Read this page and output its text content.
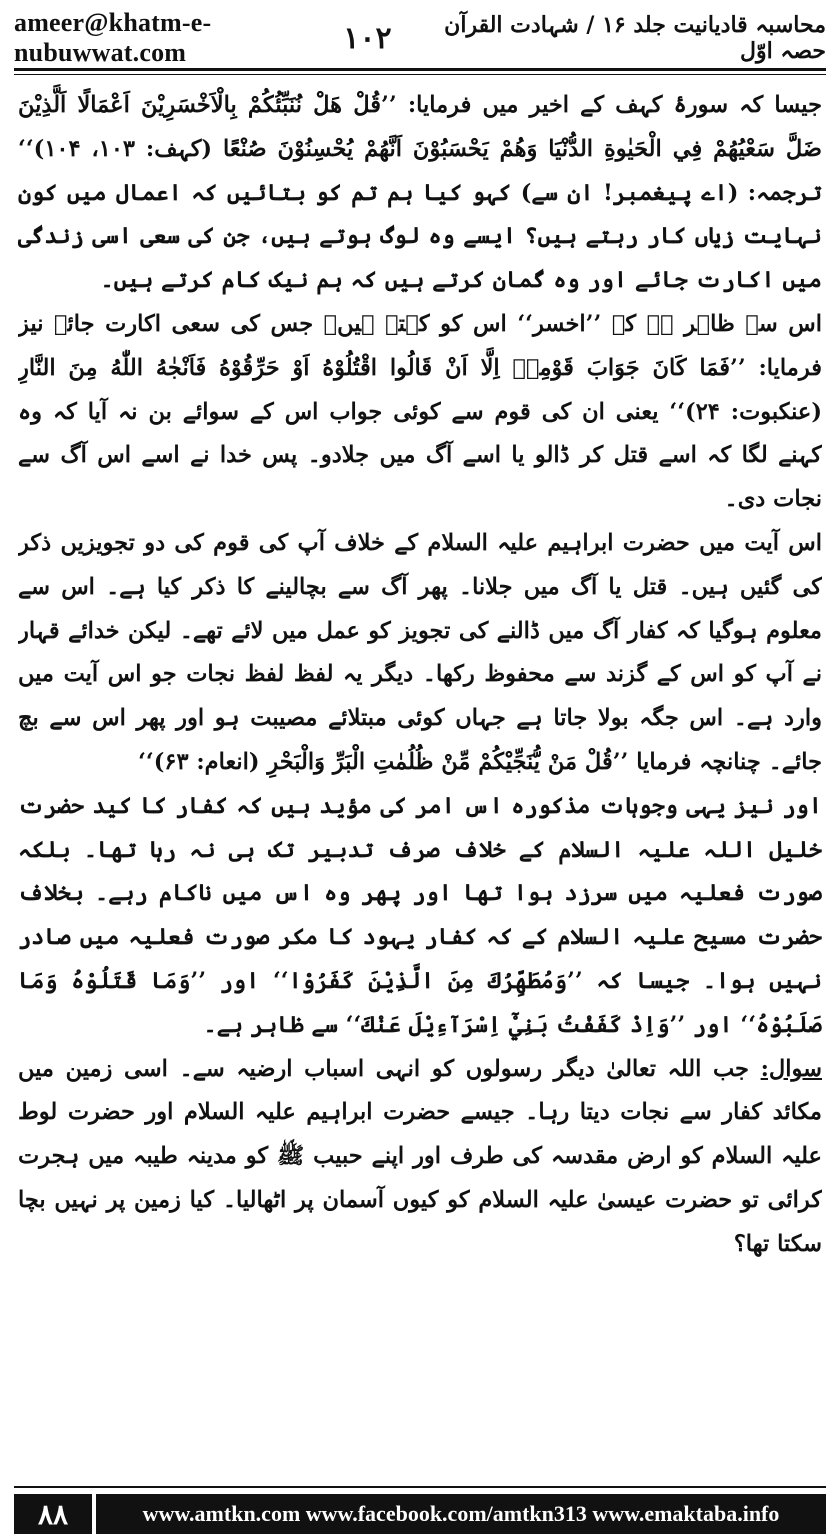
ameer@khatm-e-nubuwwat.com
محاسبہ قادیانیت جلد ۱۶ / شہادت القرآن حصہ اوّل
۱۰۲

جیسا کہ سورۂ کہف کے اخیر میں فرمایا: ’’قُلْ هَلْ نُنَبِّئُكُمْ بِالْاَخْسَرِيْنَ اَعْمَالًا اَلَّذِيْنَ ضَلَّ سَعْيُهُمْ فِي الْحَيٰوةِ الدُّنْيَا وَهُمْ يَحْسَبُوْنَ اَنَّهُمْ يُحْسِنُوْنَ صُنْعًا (کہف: ۱۰۳، ۱۰۴)‘‘ ترجمہ: (اے پیغمبر! ان سے) کہو کیا ہم تم کو بتائیں کہ اعمال میں کون نہایت زیاں کار رہتے ہیں؟ ایسے وہ لوگ ہوتے ہیں، جن کی سعی اسی زندگی میں اکارت جائے اور وہ گمان کرتے ہیں کہ ہم نیک کام کرتے ہیں۔

اس سے ظاہر ہے کہ ’’اخسر‘‘ اس کو کہتے ہیں۔ جس کی سعی اکارت جائے نیز فرمایا: ’’فَمَا كَانَ جَوَابَ قَوْمِهٖ اِلَّا اَنْ قَالُوا اقْتُلُوْهُ اَوْ حَرِّقُوْهُ فَاَنْجٰهُ اللّٰهُ مِنَ النَّارِ (عنکبوت: ۲۴)‘‘ یعنی ان کی قوم سے کوئی جواب اس کے سوائے بن نہ آیا کہ وہ کہنے لگا کہ اسے قتل کر ڈالو یا اسے آگ میں جلادو۔ پس خدا نے اسے اس آگ سے نجات دی۔

اس آیت میں حضرت ابراہیم علیہ السلام کے خلاف آپ کی قوم کی دو تجویزیں ذکر کی گئیں ہیں۔ قتل یا آگ میں جلانا۔ پھر آگ سے بچالینے کا ذکر کیا ہے۔ اس سے معلوم ہوگیا کہ کفار آگ میں ڈالنے کی تجویز کو عمل میں لائے تھے۔ لیکن خدائے قہار نے آپ کو اس کے گزند سے محفوظ رکھا۔ دیگر یہ لفظ لفظ نجات جو اس آیت میں وارد ہے۔ اس جگہ بولا جاتا ہے جہاں کوئی مبتلائے مصیبت ہو اور پھر اس سے بچ جائے۔ چنانچہ فرمایا ’’قُلْ مَنْ يُّنَجِّيْكُمْ مِّنْ ظُلُمٰتِ الْبَرِّ وَالْبَحْرِ (انعام: ۶۳)‘‘

اور نیز یہی وجوہات مذکورہ اس امر کی مؤید ہیں کہ کفار کا کید حضرت خلیل اللہ علیہ السلام کے خلاف صرف تدبیر تک ہی نہ رہا تھا۔ بلکہ صورت فعلیہ میں سرزد ہوا تھا اور پھر وہ اس میں ناکام رہے۔ بخلاف حضرت مسیح علیہ السلام کے کہ کفار یہود کا مکر صورت فعلیہ میں صادر نہیں ہوا۔ جیسا کہ ’’وَمُطَهِّرُكَ مِنَ الَّذِيْنَ كَفَرُوْا‘‘ اور ’’وَمَا قَتَلُوْهُ وَمَا صَلَبُوْهُ‘‘ اور ’’وَاِذْ كَفَفْتُ بَنِيْٓ اِسْرَآءِيْلَ عَنْكَ‘‘ سے ظاہر ہے۔

سوال: جب اللہ تعالیٰ دیگر رسولوں کو انہی اسباب ارضیہ سے۔ اسی زمین میں مکائد کفار سے نجات دیتا رہا۔ جیسے حضرت ابراہیم علیہ السلام اور حضرت لوط علیہ السلام کو ارض مقدسہ کی طرف اور اپنے حبیب ﷺ کو مدینہ طیبہ میں ہجرت کرائی تو حضرت عیسیٰ علیہ السلام کو کیوں آسمان پر اٹھالیا۔ کیا زمین پر نہیں بچا سکتا تھا؟

۸۸	www.amtkn.com www.facebook.com/amtkn313 www.emaktaba.info
